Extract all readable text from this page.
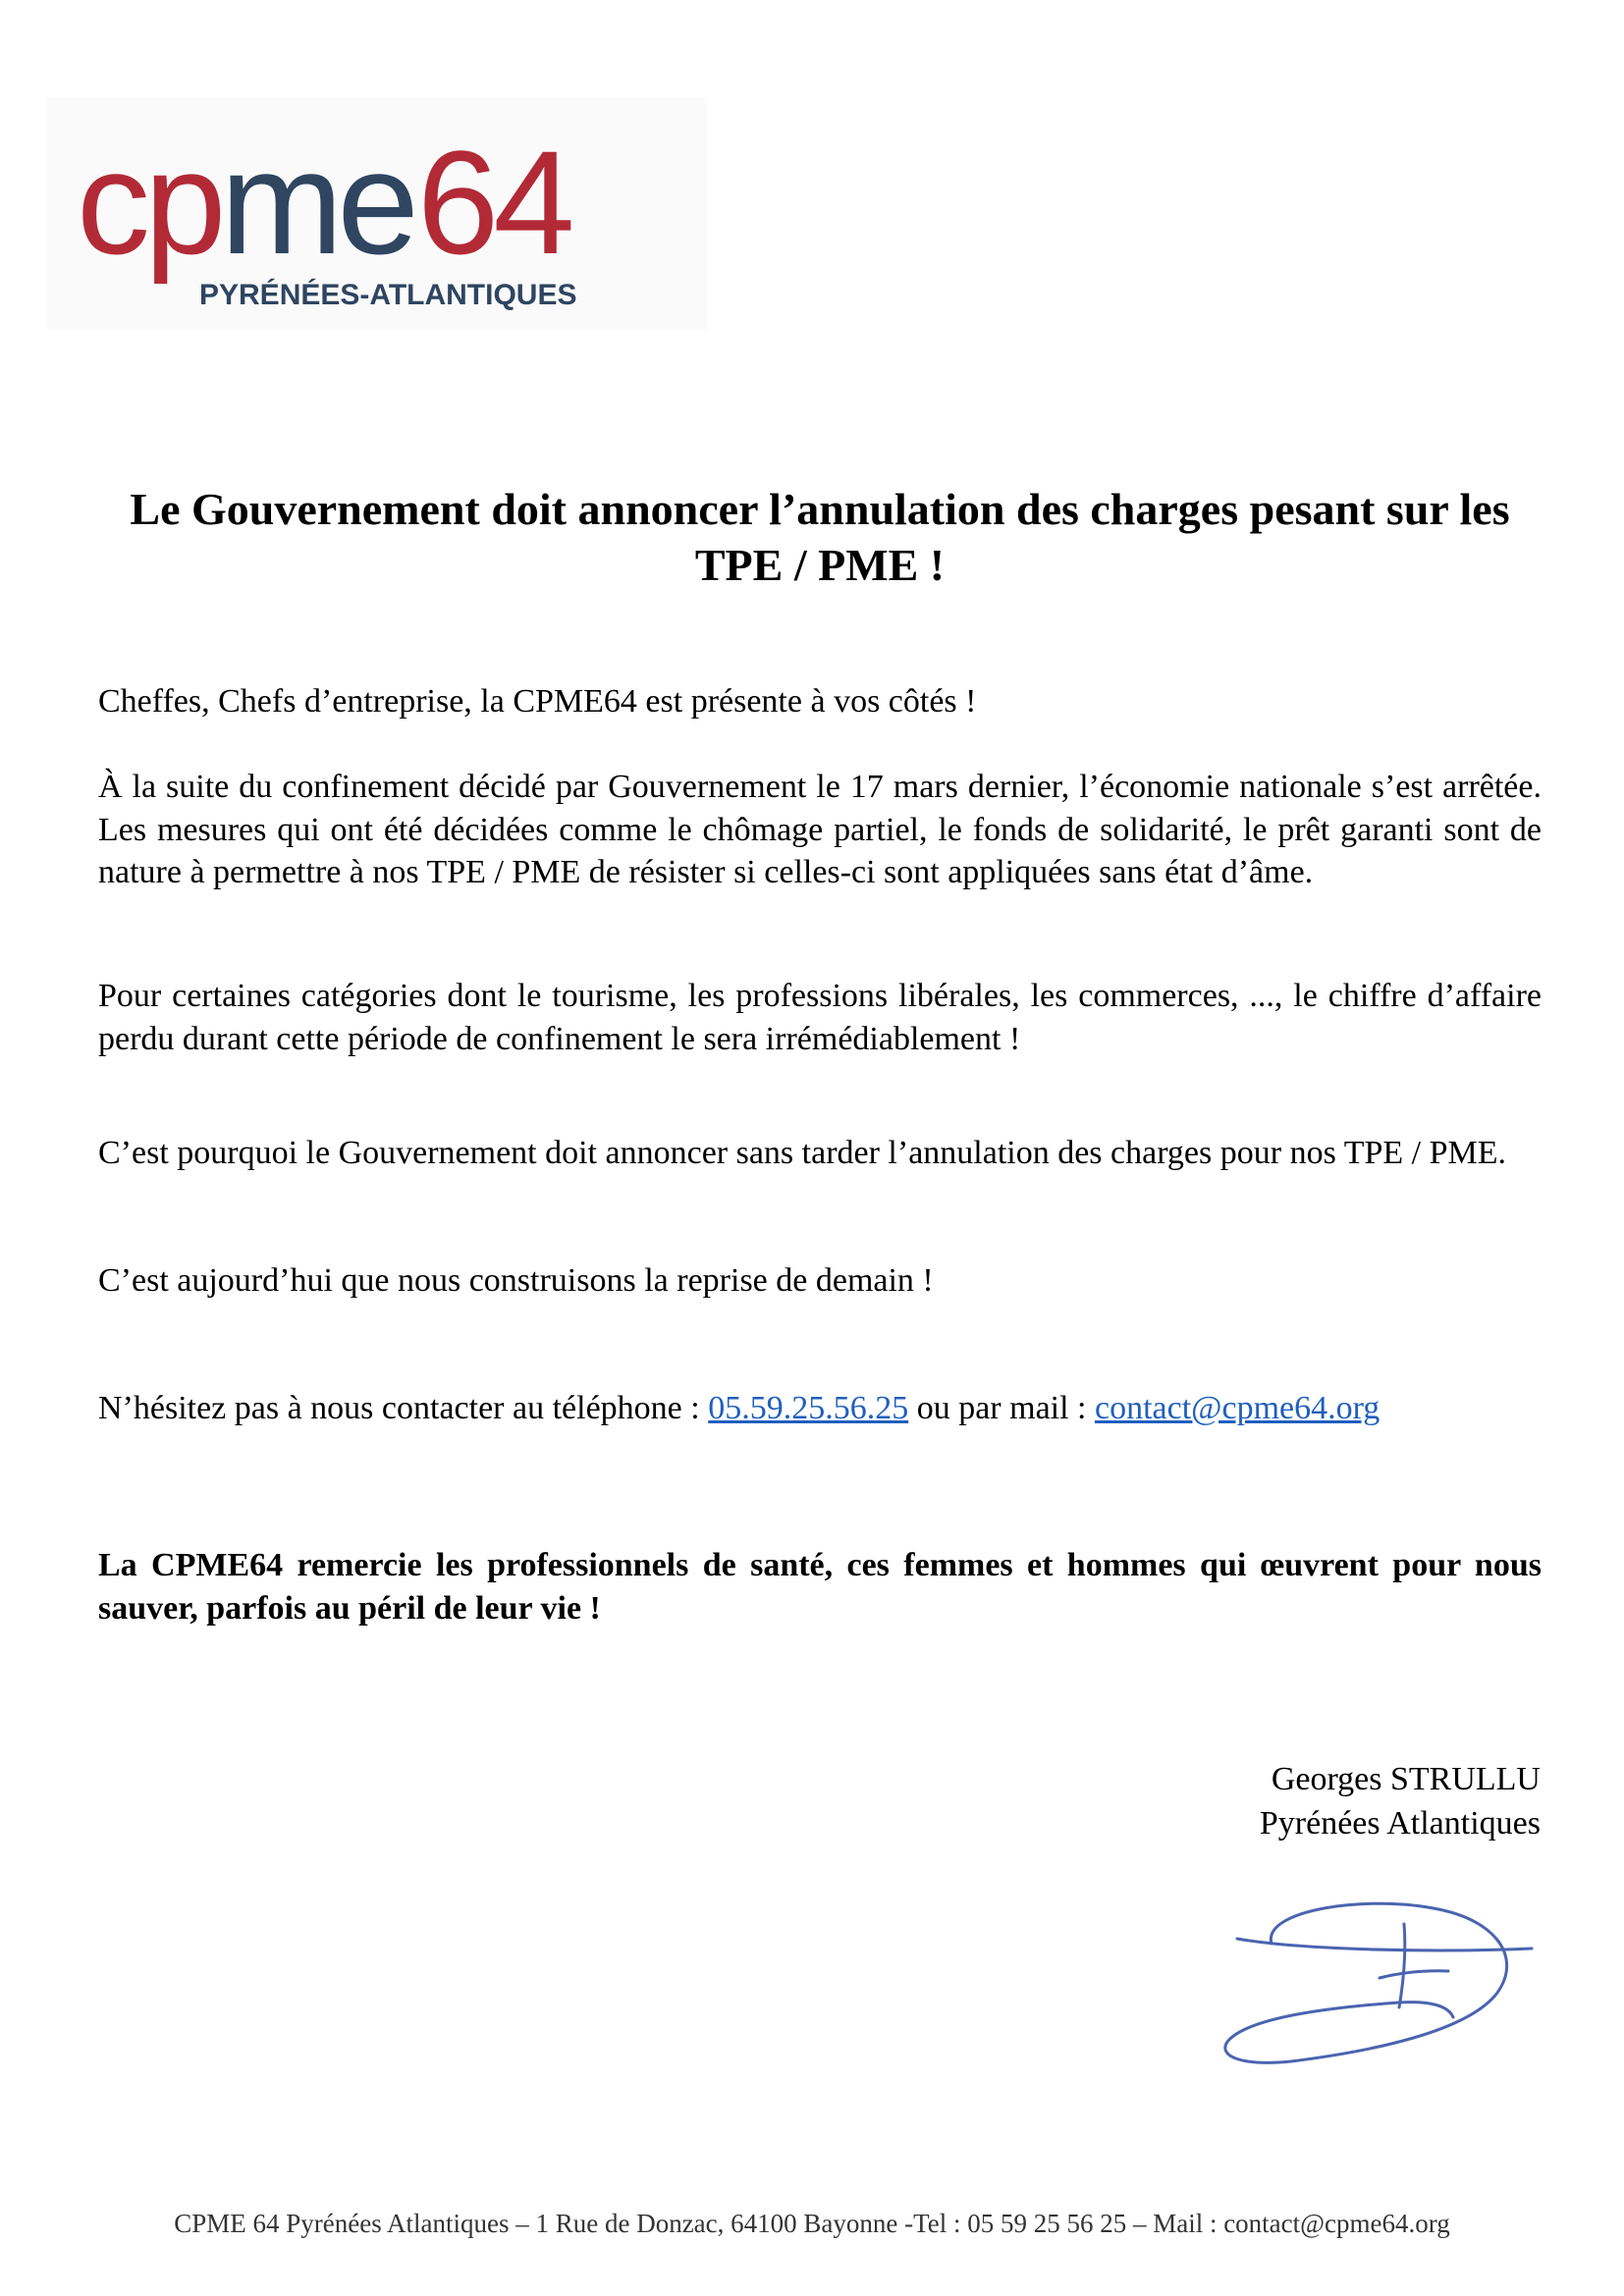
cpme64
PYRÉNÉES-ATLANTIQUES
Le Gouvernement doit annoncer l’annulation des charges pesant sur les TPE / PME !

Cheffes, Chefs d’entreprise, la CPME64 est présente à vos côtés !

À la suite du confinement décidé par Gouvernement le 17 mars dernier, l’économie nationale s’est arrêtée. Les mesures qui ont été décidées comme le chômage partiel, le fonds de solidarité, le prêt garanti sont de nature à permettre à nos TPE / PME de résister si celles-ci sont appliquées sans état d’âme.

Pour certaines catégories dont le tourisme, les professions libérales, les commerces, ..., le chiffre d’affaire perdu durant cette période de confinement le sera irrémédiablement !

C’est pourquoi le Gouvernement doit annoncer sans tarder l’annulation des charges pour nos TPE / PME.

C’est aujourd’hui que nous construisons la reprise de demain !

N’hésitez pas à nous contacter au téléphone : 05.59.25.56.25 ou par mail : contact@cpme64.org

La CPME64 remercie les professionnels de santé, ces femmes et hommes qui œuvrent pour nous sauver, parfois au péril de leur vie !

Georges STRULLU
Pyrénées Atlantiques

CPME 64 Pyrénées Atlantiques – 1 Rue de Donzac, 64100 Bayonne -Tel : 05 59 25 56 25 – Mail : contact@cpme64.org
